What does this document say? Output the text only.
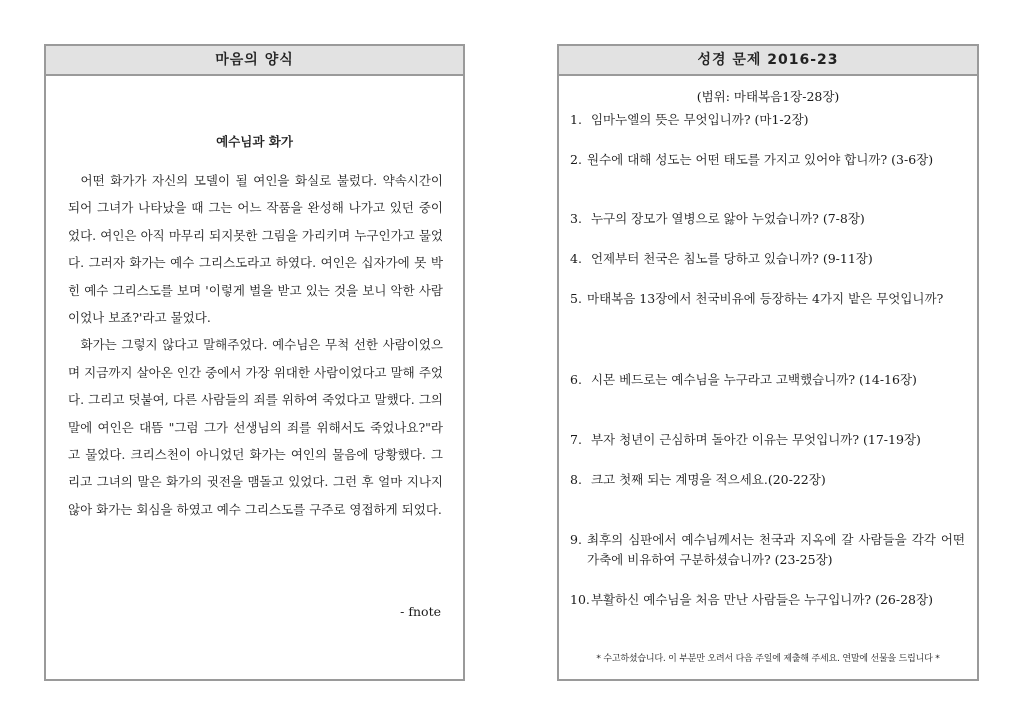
마음의 양식
예수님과 화가

어떤 화가가 자신의 모델이 될 여인을 화실로 불렀다. 약속시간이 되어 그녀가 나타났을 때 그는 어느 작품을 완성해 나가고 있던 중이었다. 여인은 아직 마무리 되지못한 그림을 가리키며 누구인가고 물었다. 그러자 화가는 예수 그리스도라고 하였다. 여인은 십자가에 못 박힌 예수 그리스도를 보며 '이렇게 벌을 받고 있는 것을 보니 악한 사람이었나 보죠?'라고 물었다.

화가는 그렇지 않다고 말해주었다. 예수님은 무척 선한 사람이었으며 지금까지 살아온 인간 중에서 가장 위대한 사람이었다고 말해 주었다. 그리고 덧붙여, 다른 사람들의 죄를 위하여 죽었다고 말했다. 그의 말에 여인은 대뜸 "그럼 그가 선생님의 죄를 위해서도 죽었나요?"라고 물었다. 크리스천이 아니었던 화가는 여인의 물음에 당황했다. 그리고 그녀의 말은 화가의 귓전을 맴돌고 있었다. 그런 후 얼마 지나지 않아 화가는 회심을 하였고 예수 그리스도를 구주로 영접하게 되었다.

- fnote
성경 문제 2016-23
(범위: 마태복음1장-28장)
1. 임마누엘의 뜻은 무엇입니까? (마1-2장)
2. 원수에 대해 성도는 어떤 태도를 가지고 있어야 합니까? (3-6장)
3. 누구의 장모가 열병으로 앓아 누었습니까? (7-8장)
4. 언제부터 천국은 침노를 당하고 있습니까? (9-11장)
5. 마태복음 13장에서 천국비유에 등장하는 4가지 밭은 무엇입니까?
6. 시몬 베드로는 예수님을 누구라고 고백했습니까? (14-16장)
7. 부자 청년이 근심하며 돌아간 이유는 무엇입니까? (17-19장)
8. 크고 첫째 되는 계명을 적으세요.(20-22장)
9. 최후의 심판에서 예수님께서는 천국과 지옥에 갈 사람들을 각각 어떤 가축에 비유하여 구분하셨습니까? (23-25장)
10. 부활하신 예수님을 처음 만난 사람들은 누구입니까? (26-28장)
* 수고하셨습니다. 이 부분만 오려서 다음 주일에 제출해 주세요. 연말에 선물을 드립니다 *
